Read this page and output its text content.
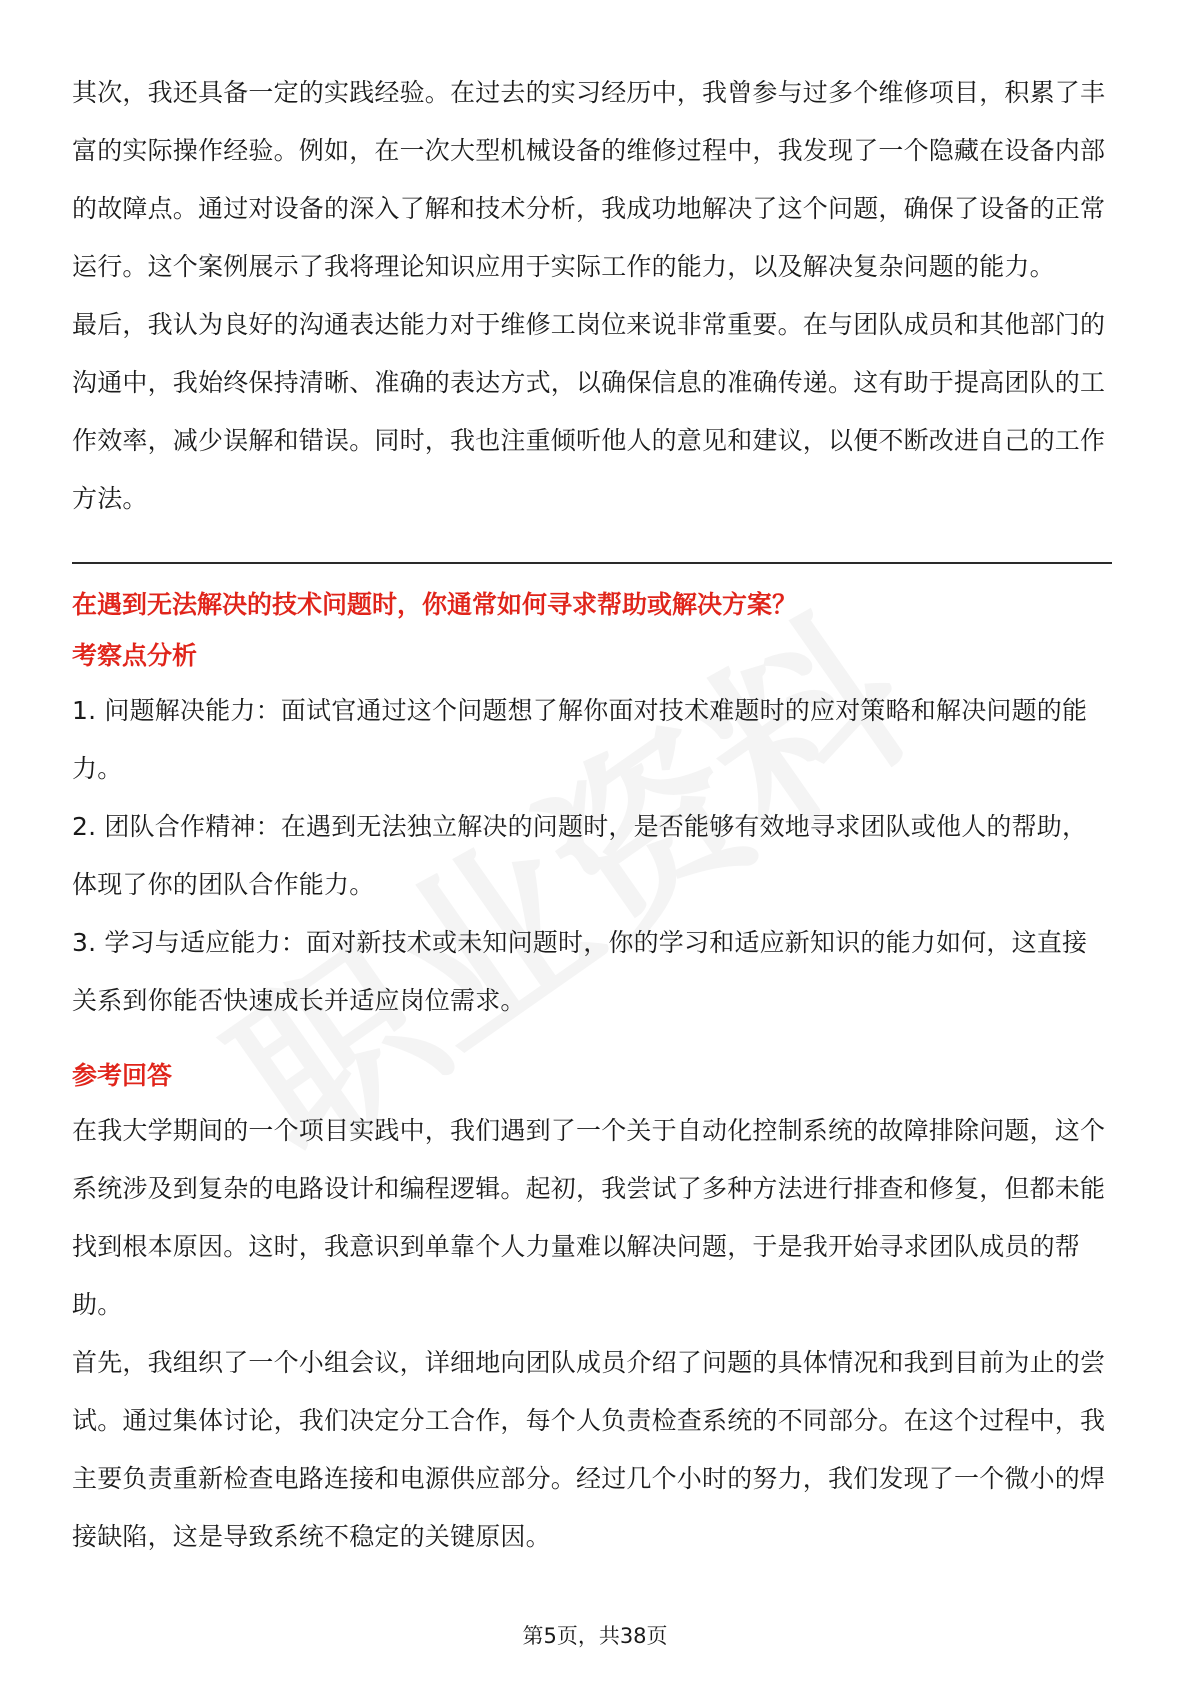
其次，我还具备一定的实践经验。在过去的实习经历中，我曾参与过多个维修项目，积累了丰富的实际操作经验。例如，在一次大型机械设备的维修过程中，我发现了一个隐藏在设备内部的故障点。通过对设备的深入了解和技术分析，我成功地解决了这个问题，确保了设备的正常运行。这个案例展示了我将理论知识应用于实际工作的能力，以及解决复杂问题的能力。

最后，我认为良好的沟通表达能力对于维修工岗位来说非常重要。在与团队成员和其他部门的沟通中，我始终保持清晰、准确的表达方式，以确保信息的准确传递。这有助于提高团队的工作效率，减少误解和错误。同时，我也注重倾听他人的意见和建议，以便不断改进自己的工作方法。

在遇到无法解决的技术问题时，你通常如何寻求帮助或解决方案？

考察点分析

1. 问题解决能力：面试官通过这个问题想了解你面对技术难题时的应对策略和解决问题的能力。

2. 团队合作精神：在遇到无法独立解决的问题时，是否能够有效地寻求团队或他人的帮助，体现了你的团队合作能力。

3. 学习与适应能力：面对新技术或未知问题时，你的学习和适应新知识的能力如何，这直接关系到你能否快速成长并适应岗位需求。

参考回答

在我大学期间的一个项目实践中，我们遇到了一个关于自动化控制系统的故障排除问题，这个系统涉及到复杂的电路设计和编程逻辑。起初，我尝试了多种方法进行排查和修复，但都未能找到根本原因。这时，我意识到单靠个人力量难以解决问题，于是我开始寻求团队成员的帮助。

首先，我组织了一个小组会议，详细地向团队成员介绍了问题的具体情况和我到目前为止的尝试。通过集体讨论，我们决定分工合作，每个人负责检查系统的不同部分。在这个过程中，我主要负责重新检查电路连接和电源供应部分。经过几个小时的努力，我们发现了一个微小的焊接缺陷，这是导致系统不稳定的关键原因。

第5页，共38页
